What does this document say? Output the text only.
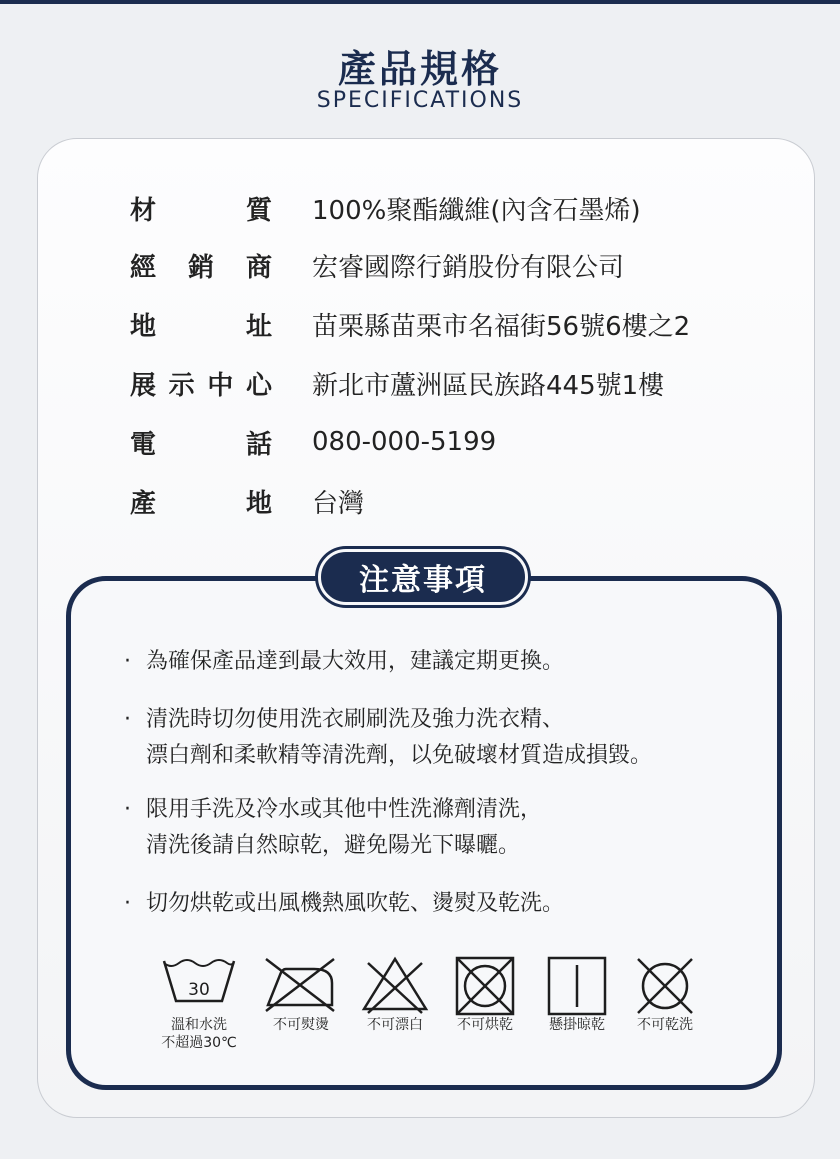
產品規格
SPECIFICATIONS
材	質 100%聚酯纖維(內含石墨烯)
經 銷 商 宏睿國際行銷股份有限公司
地	址 苗栗縣苗栗市名福街56號6樓之2
展 示 中 心 新北市蘆洲區民族路445號1樓
電	話 080-000-5199
產	地 台灣
注意事項
· 為確保產品達到最大效用，建議定期更換。
· 清洗時切勿使用洗衣刷刷洗及強力洗衣精、
漂白劑和柔軟精等清洗劑，以免破壞材質造成損毀。
· 限用手洗及冷水或其他中性洗滌劑清洗，
清洗後請自然晾乾，避免陽光下曝曬。
· 切勿烘乾或出風機熱風吹乾、燙熨及乾洗。
30
溫和水洗
不超過30℃
不可熨燙	不可漂白	不可烘乾	懸掛晾乾	不可乾洗
